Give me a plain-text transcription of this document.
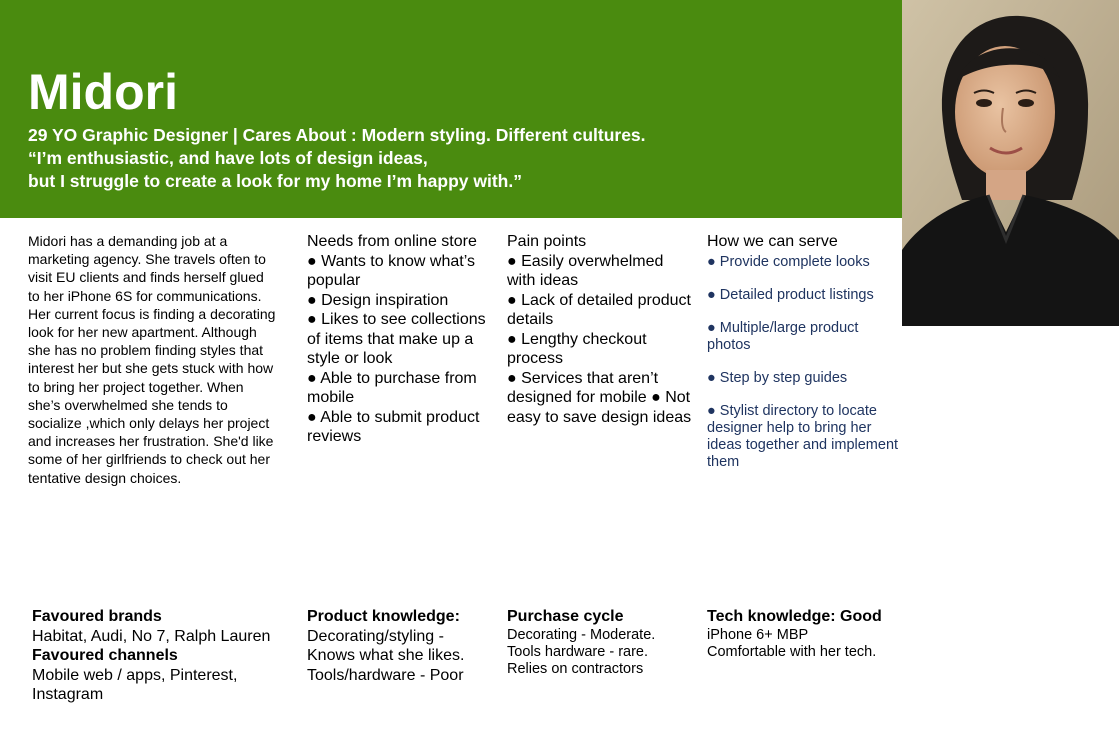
Midori

29 YO Graphic Designer | Cares About : Modern styling. Different cultures.
“I’m enthusiastic, and have lots of design ideas,
but I struggle to create a look for my home I’m happy with.”

Midori has a demanding job at a marketing agency. She travels often to visit EU clients and finds herself glued to her iPhone 6S for communications. Her current focus is finding a decorating look for her new apartment. Although she has no problem finding styles that interest her but she gets stuck with how to bring her project together. When she’s overwhelmed she tends to socialize ,which only delays her project and increases her frustration. She'd like some of her girlfriends to check out her tentative design choices.

Needs from online store
● Wants to know what’s popular
● Design inspiration
● Likes to see collections of items that make up a style or look
● Able to purchase from mobile
● Able to submit product reviews
Pain points
● Easily overwhelmed with ideas
● Lack of detailed product details
● Lengthy checkout process
● Services that aren’t designed for mobile ● Not easy to save design ideas
How we can serve
● Provide complete looks
● Detailed product listings
● Multiple/large product photos
● Step by step guides
● Stylist directory to locate designer help to bring her ideas together and implement them
Favoured brands
Habitat, Audi, No 7, Ralph Lauren
Favoured channels
Mobile web / apps, Pinterest, Instagram
Product knowledge:
Decorating/styling -
Knows what she likes.
Tools/hardware - Poor
Purchase cycle
Decorating - Moderate.
Tools hardware - rare.
Relies on contractors
Tech knowledge: Good
iPhone 6+ MBP
Comfortable with her tech.
